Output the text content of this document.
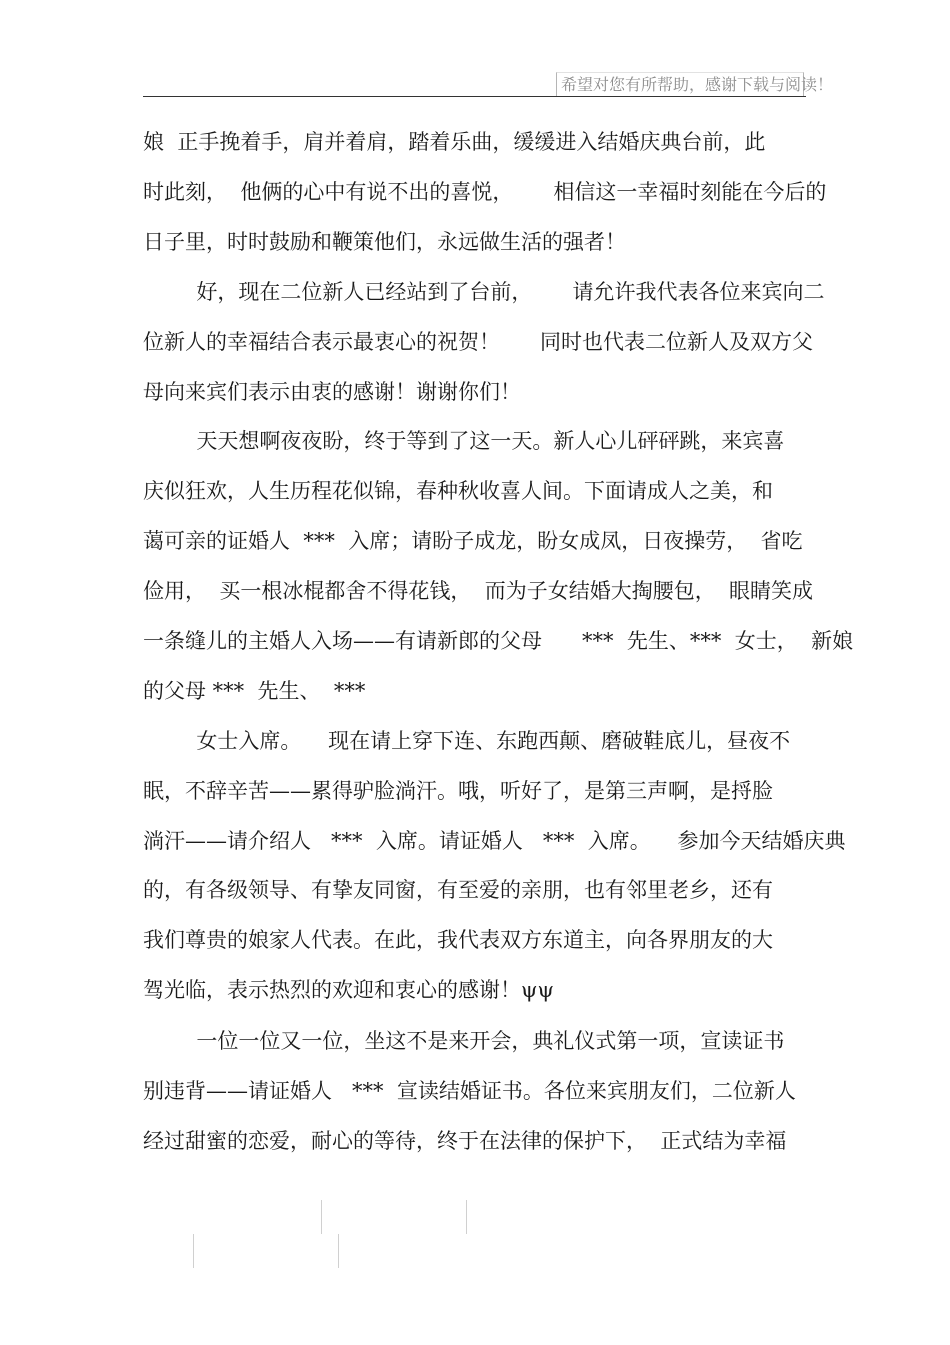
希望对您有所帮助，感谢下载与阅读！
娘  正手挽着手，肩并着肩，踏着乐曲，缓缓进入结婚庆典台前，此
时此刻，  他俩的心中有说不出的喜悦，      相信这一幸福时刻能在今后的
日子里，时时鼓励和鞭策他们，永远做生活的强者！
好，现在二位新人已经站到了台前，      请允许我代表各位来宾向二
位新人的幸福结合表示最衷心的祝贺！      同时也代表二位新人及双方父
母向来宾们表示由衷的感谢！谢谢你们！
天天想啊夜夜盼，终于等到了这一天。新人心儿砰砰跳，来宾喜
庆似狂欢，人生历程花似锦，春种秋收喜人间。下面请成人之美，和
蔼可亲的证婚人  ***  入席；请盼子成龙，盼女成凤，日夜操劳，  省吃
俭用，  买一根冰棍都舍不得花钱，  而为子女结婚大掏腰包，  眼睛笑成
一条缝儿的主婚人入场——有请新郎的父母      ***  先生、***  女士，  新娘
的父母 ***  先生、  ***
女士入席。    现在请上穿下连、东跑西颠、磨破鞋底儿，昼夜不
眠，不辞辛苦——累得驴脸淌汗。哦，听好了，是第三声啊，是捋脸
淌汗——请介绍人   ***  入席。请证婚人   ***  入席。    参加今天结婚庆典
的，有各级领导、有挚友同窗，有至爱的亲朋，也有邻里老乡，还有
我们尊贵的娘家人代表。在此，我代表双方东道主，向各界朋友的大
驾光临，表示热烈的欢迎和衷心的感谢！ψψ
一位一位又一位，坐这不是来开会，典礼仪式第一项，宣读证书
别违背——请证婚人   ***  宣读结婚证书。各位来宾朋友们，二位新人
经过甜蜜的恋爱，耐心的等待，终于在法律的保护下，  正式结为幸福
